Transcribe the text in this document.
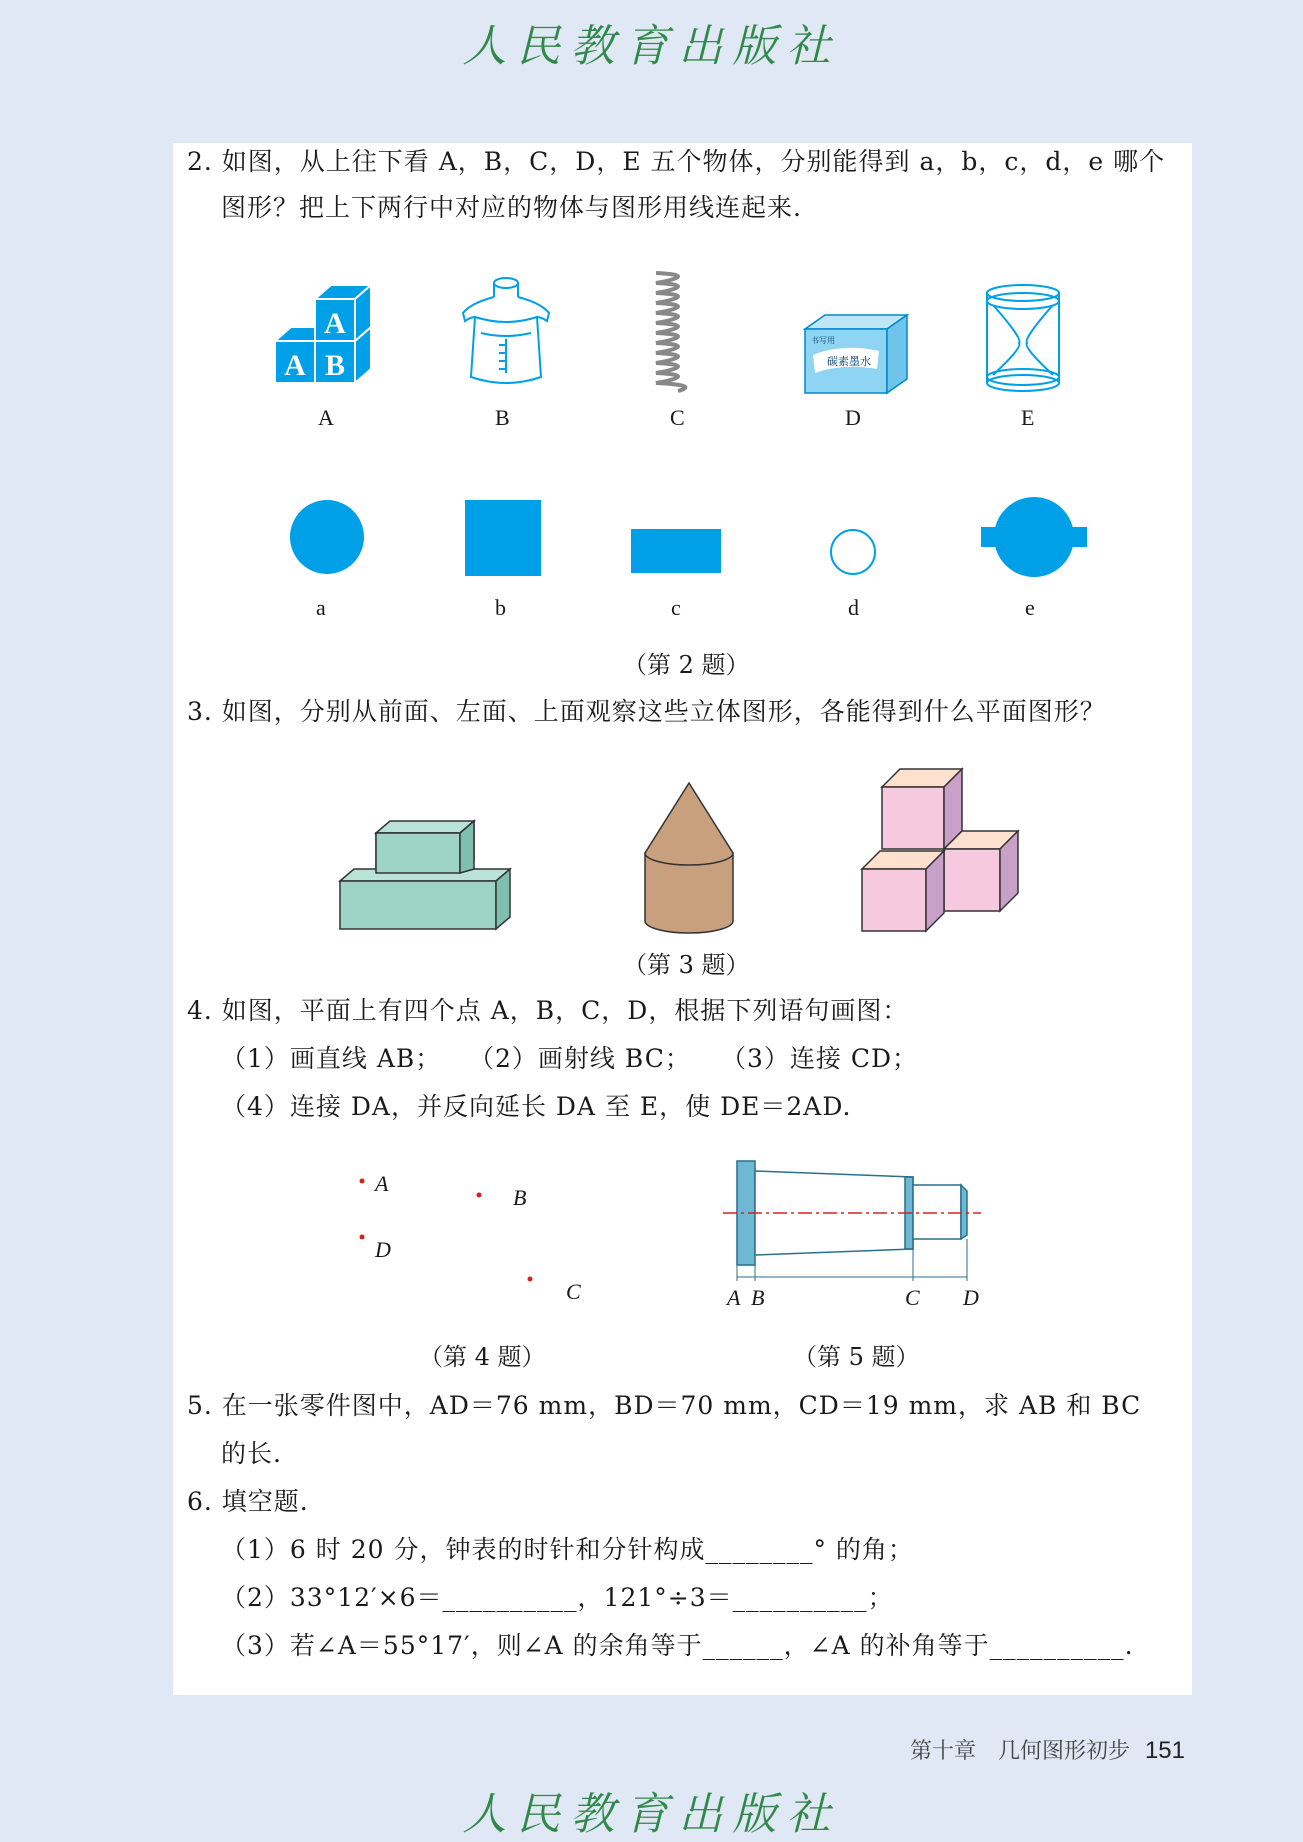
人民教育出版社
2. 如图，从上往下看 A，B，C，D，E 五个物体，分别能得到 a，b，c，d，e 哪个
图形？把上下两行中对应的物体与图形用线连起来.
A B
A
书写用
碳素墨水
A	B	C	D	E
a	b	c	d	e
（第 2 题）
3. 如图，分别从前面、左面、上面观察这些立体图形，各能得到什么平面图形？
（第 3 题）
4. 如图，平面上有四个点 A，B，C，D，根据下列语句画图：
（1）画直线 AB； （2）画射线 BC； （3）连接 CD；
（4）连接 DA，并反向延长 DA 至 E，使 DE＝2AD.
A
B
D
C
（第 4 题）
A B	C D
（第 5 题）
5. 在一张零件图中，AD＝76 mm，BD＝70 mm，CD＝19 mm，求 AB 和 BC
的长.
6. 填空题.
（1）6 时 20 分，钟表的时针和分针构成________° 的角；
（2）33°12′×6＝__________，121°÷3＝__________；
（3）若∠A＝55°17′，则∠A 的余角等于______，∠A 的补角等于__________.
第十章　几何图形初步 151
人民教育出版社
